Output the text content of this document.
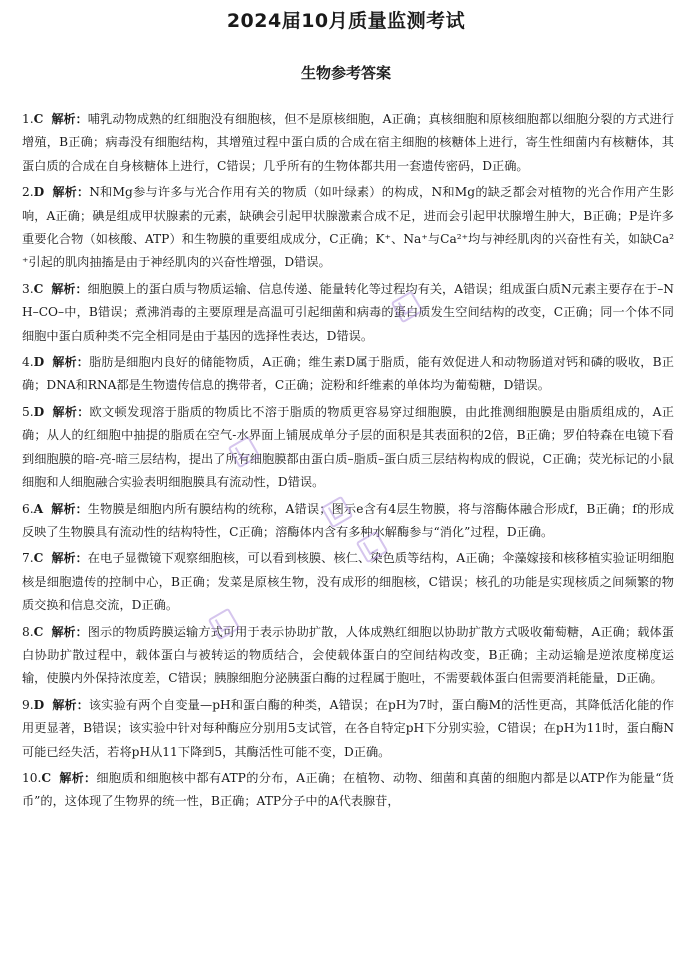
2024届10月质量监测考试
生物参考答案

1.C 解析：哺乳动物成熟的红细胞没有细胞核，但不是原核细胞，A正确；真核细胞和原核细胞都以细胞分裂的方式进行增殖，B正确；病毒没有细胞结构，其增殖过程中蛋白质的合成在宿主细胞的核糖体上进行，寄生性细菌内有核糖体，其蛋白质的合成在自身核糖体上进行，C错误；几乎所有的生物体都共用一套遗传密码，D正确。

2.D 解析：N和Mg参与许多与光合作用有关的物质（如叶绿素）的构成，N和Mg的缺乏都会对植物的光合作用产生影响，A正确；碘是组成甲状腺素的元素，缺碘会引起甲状腺激素合成不足，进而会引起甲状腺增生肿大，B正确；P是许多重要化合物（如核酸、ATP）和生物膜的重要组成成分，C正确；K⁺、Na⁺与Ca²⁺均与神经肌肉的兴奋性有关，如缺Ca²⁺引起的肌肉抽搐是由于神经肌肉的兴奋性增强，D错误。

3.C 解析：细胞膜上的蛋白质与物质运输、信息传递、能量转化等过程均有关，A错误；组成蛋白质N元素主要存在于–NH–CO–中，B错误；煮沸消毒的主要原理是高温可引起细菌和病毒的蛋白质发生空间结构的改变，C正确；同一个体不同细胞中蛋白质种类不完全相同是由于基因的选择性表达，D错误。

4.D 解析：脂肪是细胞内良好的储能物质，A正确；维生素D属于脂质，能有效促进人和动物肠道对钙和磷的吸收，B正确；DNA和RNA都是生物遗传信息的携带者，C正确；淀粉和纤维素的单体均为葡萄糖，D错误。

5.D 解析：欧文顿发现溶于脂质的物质比不溶于脂质的物质更容易穿过细胞膜，由此推测细胞膜是由脂质组成的，A正确；从人的红细胞中抽提的脂质在空气-水界面上铺展成单分子层的面积是其表面积的2倍，B正确；罗伯特森在电镜下看到细胞膜的暗-亮-暗三层结构，提出了所有细胞膜都由蛋白质–脂质–蛋白质三层结构构成的假说，C正确；荧光标记的小鼠细胞和人细胞融合实验表明细胞膜具有流动性，D错误。

6.A 解析：生物膜是细胞内所有膜结构的统称，A错误；图示e含有4层生物膜，将与溶酶体融合形成f，B正确；f的形成反映了生物膜具有流动性的结构特性，C正确；溶酶体内含有多种水解酶参与“消化”过程，D正确。

7.C 解析：在电子显微镜下观察细胞核，可以看到核膜、核仁、染色质等结构，A正确；伞藻嫁接和核移植实验证明细胞核是细胞遗传的控制中心，B正确；发菜是原核生物，没有成形的细胞核，C错误；核孔的功能是实现核质之间频繁的物质交换和信息交流，D正确。

8.C 解析：图示的物质跨膜运输方式可用于表示协助扩散，人体成熟红细胞以协助扩散方式吸收葡萄糖，A正确；载体蛋白协助扩散过程中，载体蛋白与被转运的物质结合，会使载体蛋白的空间结构改变，B正确；主动运输是逆浓度梯度运输，使膜内外保持浓度差，C错误；胰腺细胞分泌胰蛋白酶的过程属于胞吐，不需要载体蛋白但需要消耗能量，D正确。

9.D 解析：该实验有两个自变量—pH和蛋白酶的种类，A错误；在pH为7时，蛋白酶M的活性更高，其降低活化能的作用更显著，B错误；该实验中针对每种酶应分别用5支试管，在各自特定pH下分别实验，C错误；在pH为11时，蛋白酶N可能已经失活，若将pH从11下降到5，其酶活性可能不变，D正确。

10.C 解析：细胞质和细胞核中都有ATP的分布，A正确；在植物、动物、细菌和真菌的细胞内都是以ATP作为能量“货币”的，这体现了生物界的统一性，B正确；ATP分子中的A代表腺苷，
